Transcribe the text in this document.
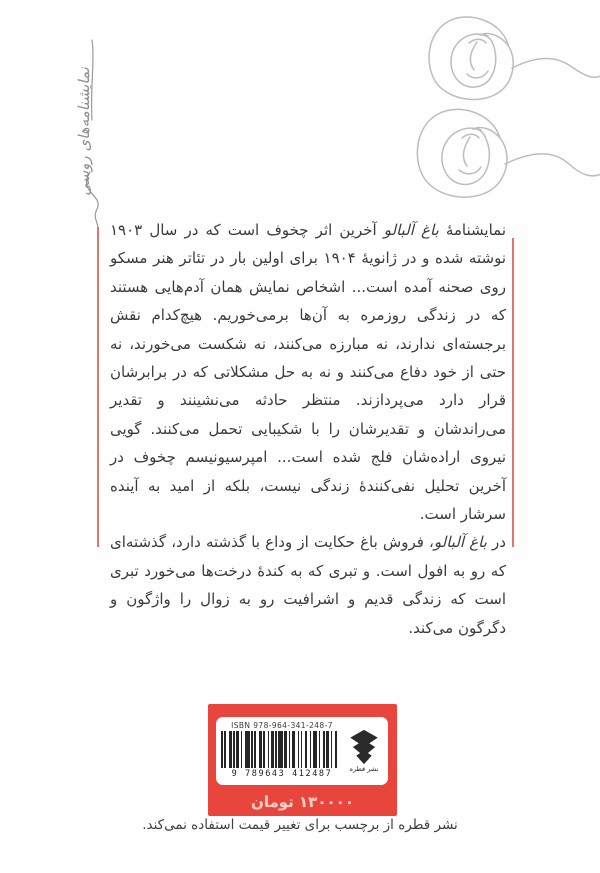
نمایشنامه‌های روسی

نمایشنامهٔ باغ آلبالو آخرین اثر چخوف است که در سال ۱۹۰۳ نوشته شده و در ژانویهٔ ۱۹۰۴ برای اولین بار در تئاتر هنر مسکو روی صحنه آمده است... اشخاص نمایش همان آدم‌هایی هستند که در زندگی روزمره به آن‌ها برمی‌خوریم. هیچ‌کدام نقش برجسته‌ای ندارند، نه مبارزه می‌کنند، نه شکست می‌خورند، نه حتی از خود دفاع می‌کنند و نه به حل مشکلاتی که در برابرشان قرار دارد می‌پردازند. منتظر حادثه می‌نشینند و تقدیر می‌راندشان و تقدیرشان را با شکیبایی تحمل می‌کنند. گویی نیروی اراده‌شان فلج شده است... امپرسیونیسم چخوف در آخرین تحلیل نفی‌کنندهٔ زندگی نیست، بلکه از امید به آینده سرشار است.

در باغ آلبالو، فروش باغ حکایت از وداع با گذشته دارد، گذشته‌ای که رو به افول است. و تبری که به کندهٔ درخت‌ها می‌خورد تبری است که زندگی قدیم و اشرافیت رو به زوال را واژگون و دگرگون می‌کند.

ISBN 978-964-341-248-7
9 789643 412487	نشر قطره
۱۳۰۰۰۰ تومان
نشر قطره از برچسب برای تغییر قیمت استفاده نمی‌کند.
